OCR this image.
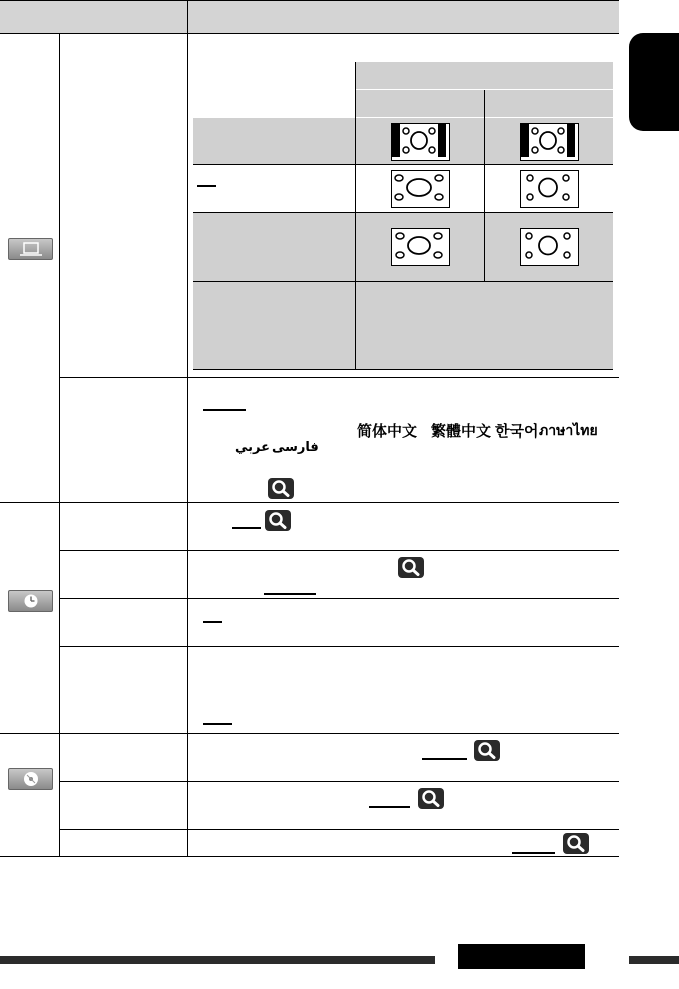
简体中文 繁體中文 한국어 ภาษาไทย
فارسی
عربي
